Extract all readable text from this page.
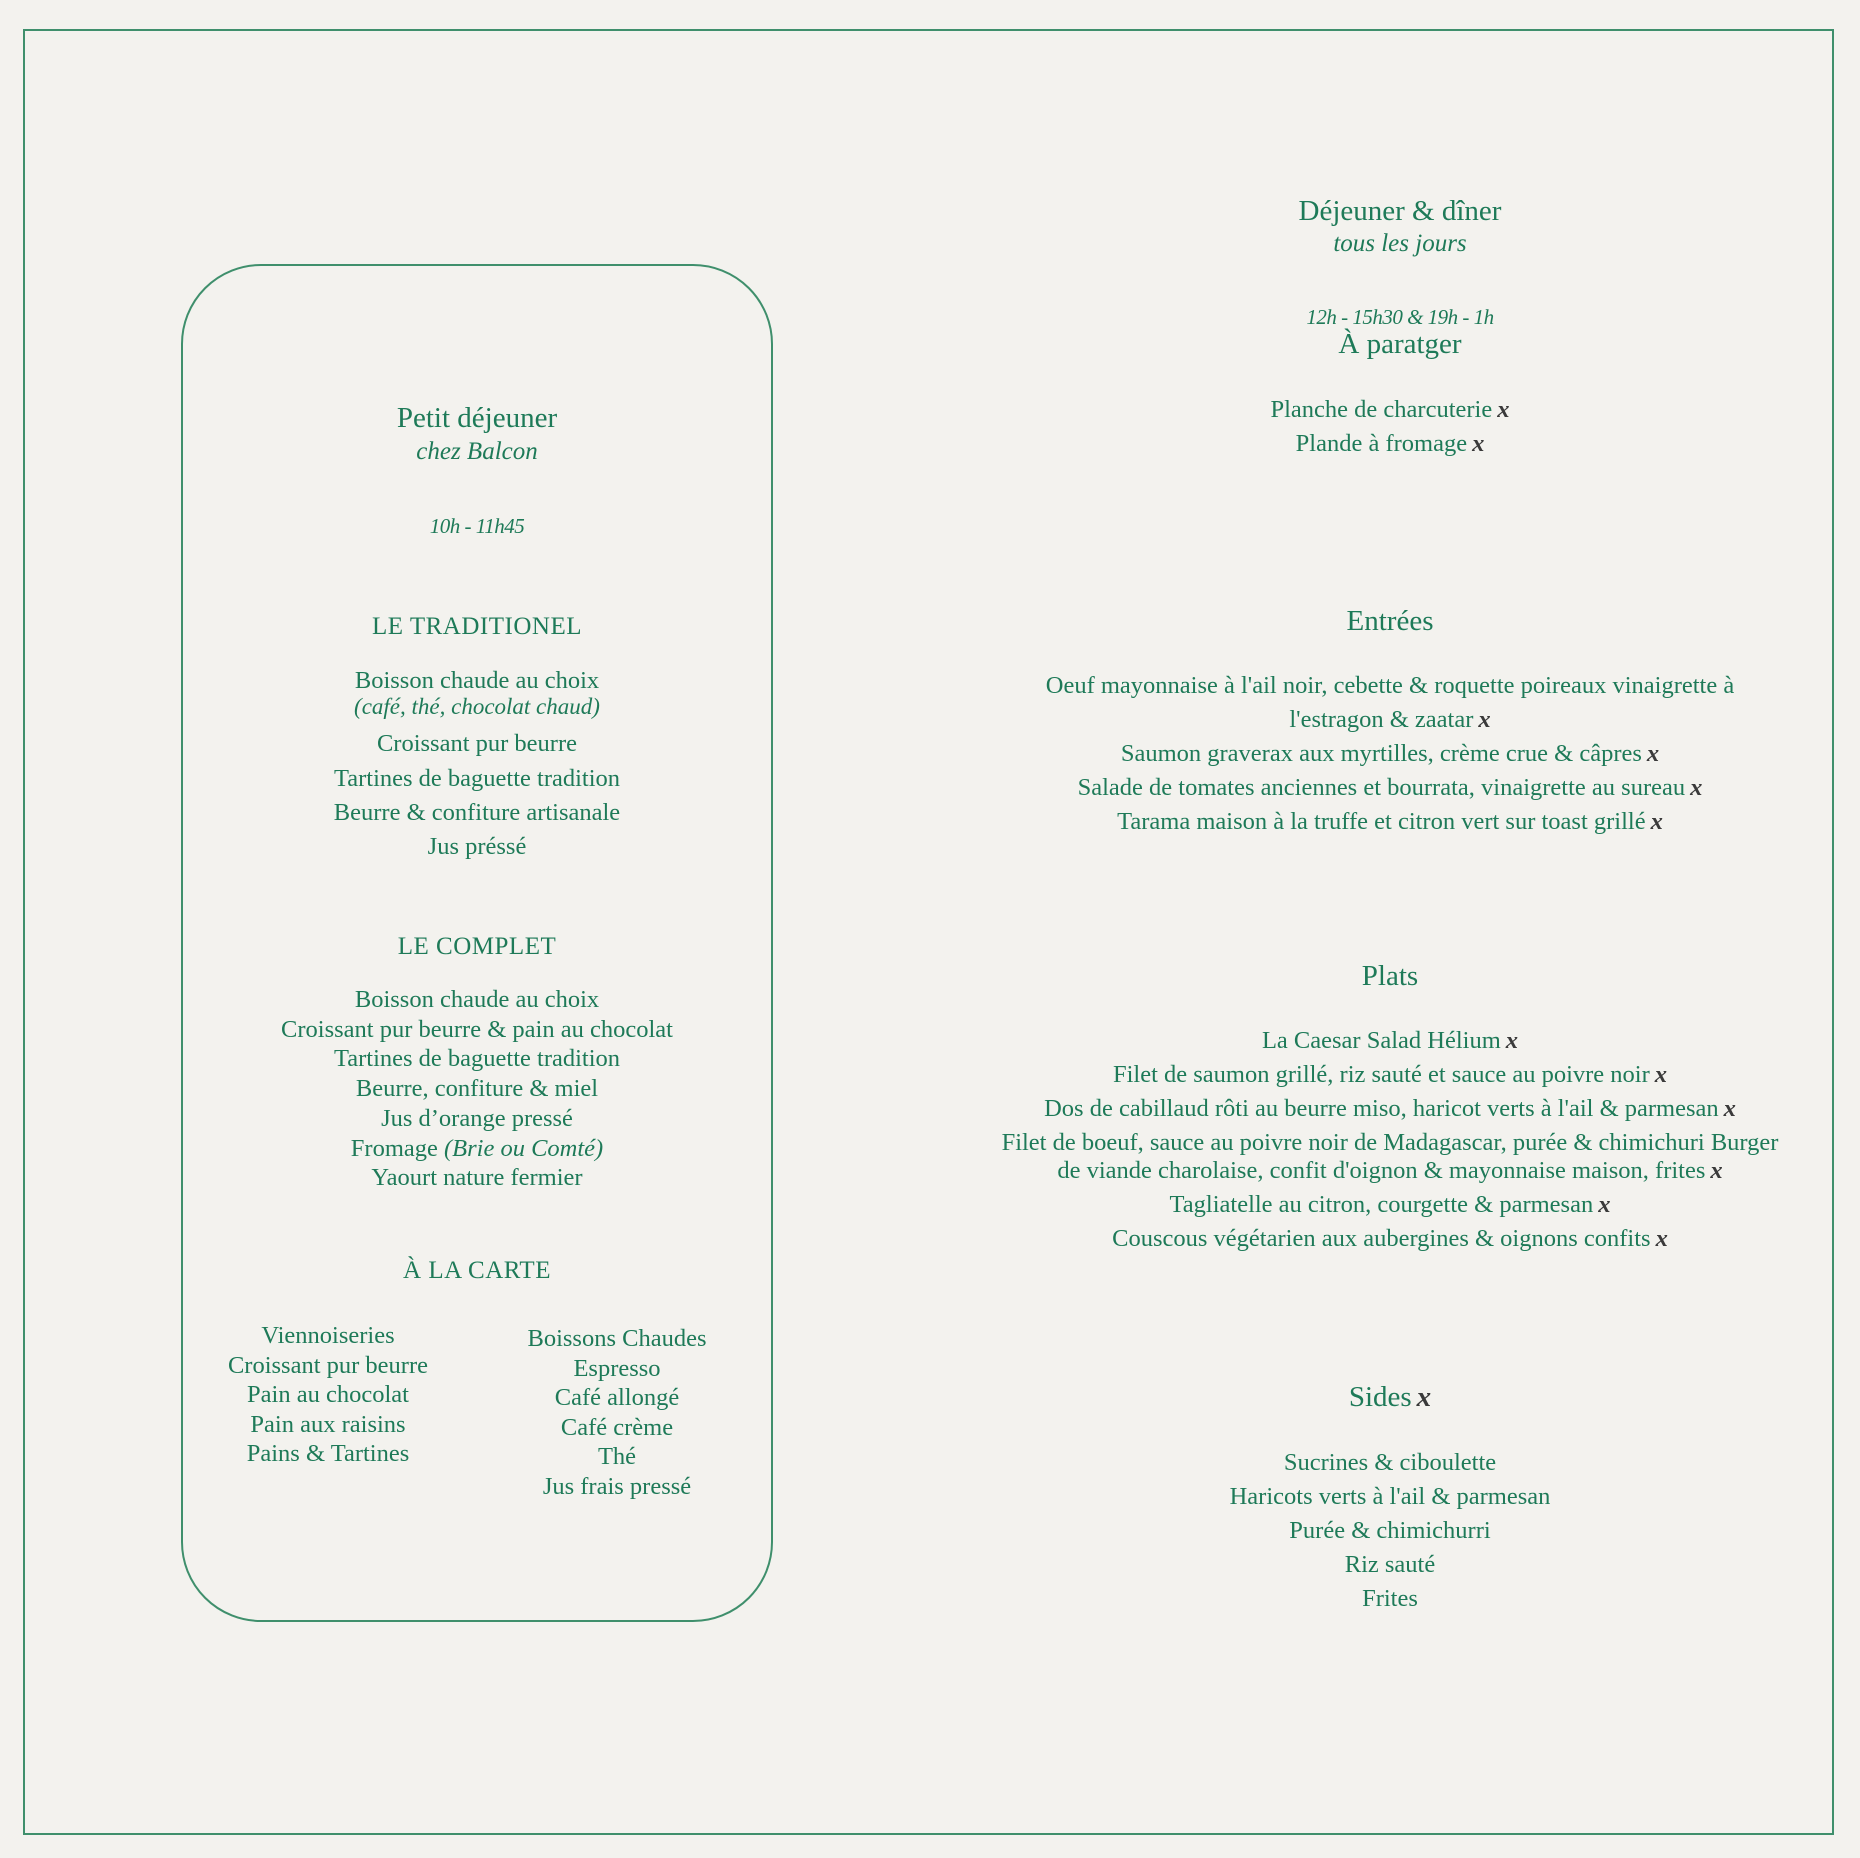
Petit déjeuner
chez Balcon
10h - 11h45
LE TRADITIONEL
Boisson chaude au choix
(café, thé, chocolat chaud)
Croissant pur beurre
Tartines de baguette tradition
Beurre & confiture artisanale
Jus préssé
LE COMPLET
Boisson chaude au choix
Croissant pur beurre & pain au chocolat
Tartines de baguette tradition
Beurre, confiture & miel
Jus d’orange pressé
Fromage (Brie ou Comté)
Yaourt nature fermier
À LA CARTE
Viennoiseries
Croissant pur beurre
Pain au chocolat
Pain aux raisins
Pains & Tartines
Boissons Chaudes
Espresso
Café allongé
Café crème
Thé
Jus frais pressé
Déjeuner & dîner
tous les jours
12h - 15h30 & 19h - 1h
À paratger
Planche de charcuterie x
Plande à fromage x
Entrées
Oeuf mayonnaise à l'ail noir, cebette & roquette poireaux vinaigrette à
l'estragon & zaatar x
Saumon graverax aux myrtilles, crème crue & câpres x
Salade de tomates anciennes et bourrata, vinaigrette au sureau x
Tarama maison à la truffe et citron vert sur toast grillé x
Plats
La Caesar Salad Hélium x
Filet de saumon grillé, riz sauté et sauce au poivre noir x
Dos de cabillaud rôti au beurre miso, haricot verts à l'ail & parmesan x
Filet de boeuf, sauce au poivre noir de Madagascar, purée & chimichuri Burger
de viande charolaise, confit d'oignon & mayonnaise maison, frites x
Tagliatelle au citron, courgette & parmesan x
Couscous végétarien aux aubergines & oignons confits x
Sides x
Sucrines & ciboulette
Haricots verts à l'ail & parmesan
Purée & chimichurri
Riz sauté
Frites
